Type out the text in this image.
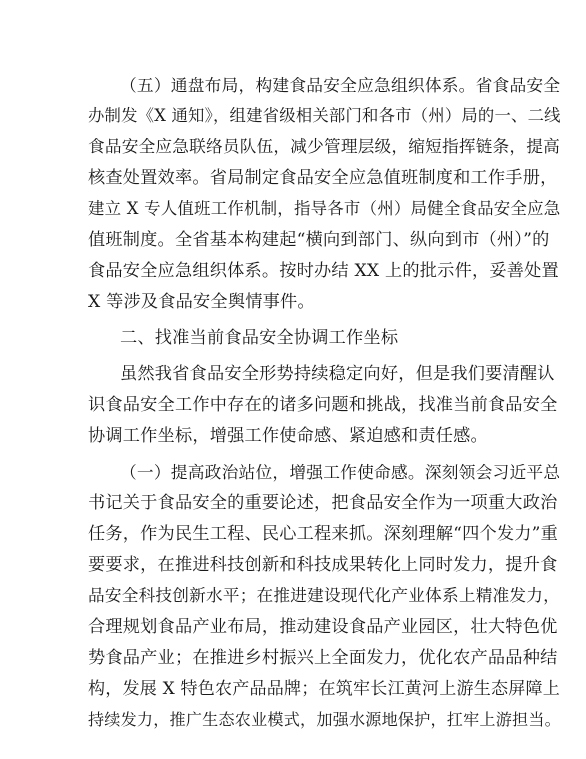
（五）通盘布局，构建食品安全应急组织体系。省食品安全
办制发《X 通知》，组建省级相关部门和各市（州）局的一、二线
食品安全应急联络员队伍，减少管理层级，缩短指挥链条，提高
核查处置效率。省局制定食品安全应急值班制度和工作手册，
建立 X 专人值班工作机制，指导各市（州）局健全食品安全应急
值班制度。全省基本构建起“横向到部门、纵向到市（州）”的
食品安全应急组织体系。按时办结 XX 上的批示件，妥善处置
X 等涉及食品安全舆情事件。
二、找准当前食品安全协调工作坐标
虽然我省食品安全形势持续稳定向好，但是我们要清醒认
识食品安全工作中存在的诸多问题和挑战，找准当前食品安全
协调工作坐标，增强工作使命感、紧迫感和责任感。
（一）提高政治站位，增强工作使命感。深刻领会习近平总
书记关于食品安全的重要论述，把食品安全作为一项重大政治
任务，作为民生工程、民心工程来抓。深刻理解“四个发力”重
要要求，在推进科技创新和科技成果转化上同时发力，提升食
品安全科技创新水平；在推进建设现代化产业体系上精准发力，
合理规划食品产业布局，推动建设食品产业园区，壮大特色优
势食品产业；在推进乡村振兴上全面发力，优化农产品品种结
构，发展 X 特色农产品品牌；在筑牢长江黄河上游生态屏障上
持续发力，推广生态农业模式，加强水源地保护，扛牢上游担当。
